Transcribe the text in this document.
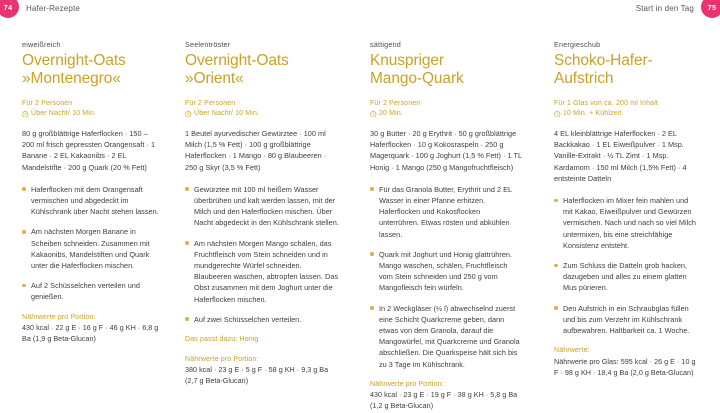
74	Hafer-Rezepte	Start in den Tag	75
eiweißreich
Overnight-Oats
»Montenegro«
Für 2 Personen
Über Nacht/ 10 Min.
80 g großblättrige Haferflocken · 150 – 200 ml frisch gepressten Orangensaft · 1 Banane · 2 EL Kakaonibs · 2 EL Mandelstifte · 200 g Quark (20 % Fett)
Haferflocken mit dem Orangensaft vermischen und abgedeckt im Kühlschrank über Nacht stehen lassen.
Am nächsten Morgen Banane in Scheiben schneiden. Zusammen mit Kakaonibs, Mandelstiften und Quark unter die Haferflocken mischen.
Auf 2 Schüsselchen verteilen und genießen.
Nährwerte pro Portion:
430 kcal · 22 g E · 16 g F · 46 g KH · 6,8 g Ba (1,9 g Beta-Glucan)
Seelentröster
Overnight-Oats
»Orient«
Für 2 Personen
Über Nacht/ 10 Min.
1 Beutel ayurvedischer Gewürztee · 100 ml Milch (1,5 % Fett) · 100 g großblättrige Haferflocken · 1 Mango · 80 g Blaubeeren · 250 g Skyr (3,5 % Fett)
Gewürztee mit 100 ml heißem Wasser überbrühen und kalt werden lassen, mit der Milch und den Haferflocken mischen. Über Nacht abgedeckt in den Kühlschrank stellen.
Am nächsten Morgen Mango schälen, das Fruchtfleisch vom Stein schneiden und in mundgerechte Würfel schneiden. Blaubeeren waschen, abtropfen lassen. Das Obst zusammen mit dem Joghurt unter die Haferflocken mischen.
Auf zwei Schüsselchen verteilen.
Das passt dazu: Honig
Nährwerte pro Portion:
380 kcal · 23 g E · 5 g F · 58 g KH · 9,3 g Ba (2,7 g Beta-Glucan)
sättigend
Knuspriger
Mango-Quark
Für 2 Personen
20 Min.
30 g Butter · 20 g Erythrit · 50 g großblättrige Haferflocken · 10 g Kokosraspeln · 250 g Magerquark · 100 g Joghurt (1,5 % Fett) · 1 TL Honig · 1 Mango (250 g Mangofruchtfleisch)
Für das Granola Butter, Erythrit und 2 EL Wasser in einer Pfanne erhitzen. Haferflocken und Kokosflocken unterrühren. Etwas rösten und abkühlen lassen.
Quark mit Joghurt und Honig glattrühren. Mango waschen, schälen, Fruchtfleisch vom Stein schneiden und 250 g vom Mangofleisch fein würfeln.
In 2 Weckgläser (½ l) abwechselnd zuerst eine Schicht Quarkcreme geben, dann etwas von dem Granola, darauf die Mangowürfel, mit Quarkcreme und Granola abschließen. Die Quarkspeise hält sich bis zu 3 Tage im Kühlschrank.
Nährwerte pro Portion:
430 kcal · 23 g E · 19 g F · 38 g KH · 5,8 g Ba (1,2 g Beta-Glucan)
Energieschub
Schoko-Hafer-
Aufstrich
Für 1 Glas von ca. 200 ml Inhalt
10 Min. + Kühlzeit
4 EL kleinblättrige Haferflocken · 2 EL Backkakao · 1 EL Eiweißpulver · 1 Msp. Vanille-Extrakt · ½ TL Zimt · 1 Msp. Kardamom · 150 ml Milch (1,5% Fett) · 4 entsteinte Datteln
Haferflocken im Mixer fein mahlen und mit Kakao, Eiweißpulver und Gewürzen vermischen. Nach und nach so viel Milch untermixen, bis eine streichfähige Konsistenz entsteht.
Zum Schluss die Datteln grob hacken, dazugeben und alles zu einem glatten Mus pürieren.
Den Aufstrich in ein Schraubglas füllen und bis zum Verzehr im Kühlschrank aufbewahren. Haltbarkeit ca. 1 Woche.
Nährwerte:
Nährwerte pro Glas: 595 kcal · 26 g E · 10 g F · 98 g KH · 18,4 g Ba (2,0 g Beta-Glucan)
